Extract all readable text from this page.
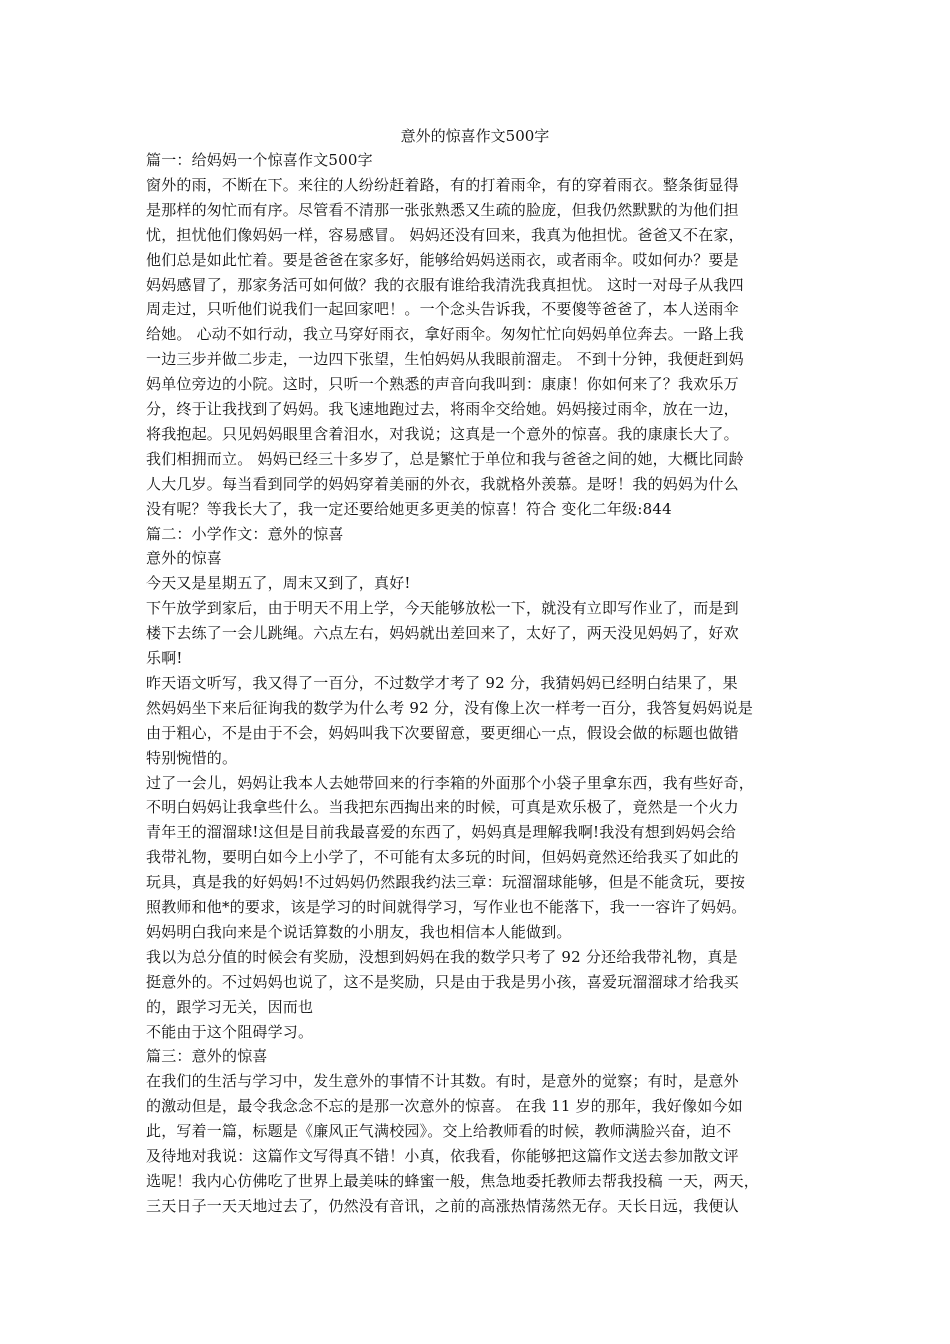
意外的惊喜作文500字
篇一：给妈妈一个惊喜作文500字
窗外的雨，不断在下。来往的人纷纷赶着路，有的打着雨伞，有的穿着雨衣。整条街显得
是那样的匆忙而有序。尽管看不清那一张张熟悉又生疏的脸庞，但我仍然默默的为他们担
忧，担忧他们像妈妈一样，容易感冒。 妈妈还没有回来，我真为他担忧。爸爸又不在家，
他们总是如此忙着。要是爸爸在家多好，能够给妈妈送雨衣，或者雨伞。哎如何办？要是
妈妈感冒了，那家务活可如何做？我的衣服有谁给我清洗我真担忧。 这时一对母子从我四
周走过，只听他们说我们一起回家吧！。一个念头告诉我，不要傻等爸爸了，本人送雨伞
给她。 心动不如行动，我立马穿好雨衣，拿好雨伞。匆匆忙忙向妈妈单位奔去。一路上我
一边三步并做二步走，一边四下张望，生怕妈妈从我眼前溜走。 不到十分钟，我便赶到妈
妈单位旁边的小院。这时，只听一个熟悉的声音向我叫到：康康！你如何来了？我欢乐万
分，终于让我找到了妈妈。我飞速地跑过去，将雨伞交给她。妈妈接过雨伞，放在一边，
将我抱起。只见妈妈眼里含着泪水，对我说；这真是一个意外的惊喜。我的康康长大了。
我们相拥而立。 妈妈已经三十多岁了，总是繁忙于单位和我与爸爸之间的她，大概比同龄
人大几岁。每当看到同学的妈妈穿着美丽的外衣，我就格外羡慕。是呀！我的妈妈为什么
没有呢？等我长大了，我一定还要给她更多更美的惊喜！符合 变化二年级:844
篇二：小学作文：意外的惊喜
意外的惊喜
今天又是星期五了，周末又到了，真好!
下午放学到家后，由于明天不用上学，今天能够放松一下，就没有立即写作业了，而是到
楼下去练了一会儿跳绳。六点左右，妈妈就出差回来了，太好了，两天没见妈妈了，好欢
乐啊!
昨天语文听写，我又得了一百分，不过数学才考了 92 分，我猜妈妈已经明白结果了，果
然妈妈坐下来后征询我的数学为什么考 92 分，没有像上次一样考一百分，我答复妈妈说是
由于粗心，不是由于不会，妈妈叫我下次要留意，要更细心一点，假设会做的标题也做错
特别惋惜的。
过了一会儿，妈妈让我本人去她带回来的行李箱的外面那个小袋子里拿东西，我有些好奇，
不明白妈妈让我拿些什么。当我把东西掏出来的时候，可真是欢乐极了，竟然是一个火力
青年王的溜溜球!这但是目前我最喜爱的东西了，妈妈真是理解我啊!我没有想到妈妈会给
我带礼物，要明白如今上小学了，不可能有太多玩的时间，但妈妈竟然还给我买了如此的
玩具，真是我的好妈妈!不过妈妈仍然跟我约法三章：玩溜溜球能够，但是不能贪玩，要按
照教师和他*的要求，该是学习的时间就得学习，写作业也不能落下，我一一容许了妈妈。
妈妈明白我向来是个说话算数的小朋友，我也相信本人能做到。
我以为总分值的时候会有奖励，没想到妈妈在我的数学只考了 92 分还给我带礼物，真是
挺意外的。不过妈妈也说了，这不是奖励，只是由于我是男小孩，喜爱玩溜溜球才给我买
的，跟学习无关，因而也
不能由于这个阻碍学习。
篇三：意外的惊喜
在我们的生活与学习中，发生意外的事情不计其数。有时，是意外的觉察；有时，是意外
的激动但是，最令我念念不忘的是那一次意外的惊喜。 在我 11 岁的那年，我好像如今如
此，写着一篇，标题是《廉风正气满校园》。交上给教师看的时候，教师满脸兴奋，迫不
及待地对我说：这篇作文写得真不错！小真，依我看，你能够把这篇作文送去参加散文评
选呢！我内心仿佛吃了世界上最美味的蜂蜜一般，焦急地委托教师去帮我投稿 一天，两天，
三天日子一天天地过去了，仍然没有音讯，之前的高涨热情荡然无存。天长日远，我便认
